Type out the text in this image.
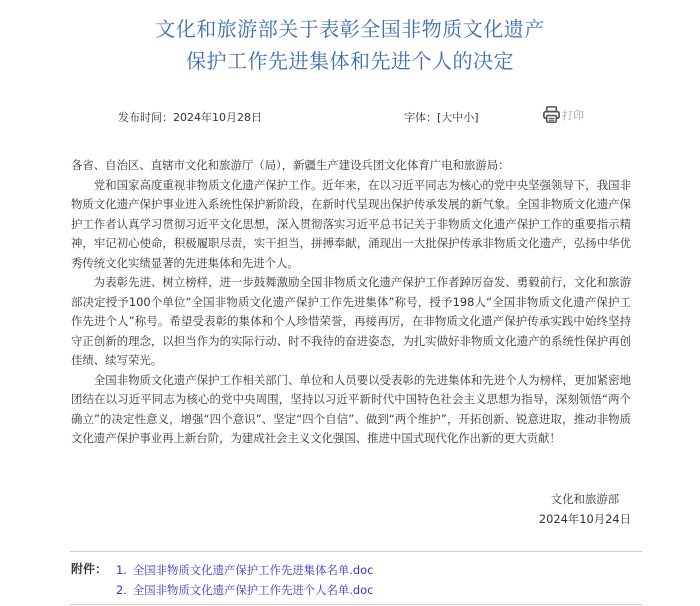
文化和旅游部关于表彰全国非物质文化遗产
保护工作先进集体和先进个人的决定
发布时间：2024年10月28日	字体：[大中小]	打印

各省、自治区、直辖市文化和旅游厅（局），新疆生产建设兵团文化体育广电和旅游局：

党和国家高度重视非物质文化遗产保护工作。近年来，在以习近平同志为核心的党中央坚强领导下，我国非物质文化遗产保护事业进入系统性保护新阶段，在新时代呈现出保护传承发展的新气象。全国非物质文化遗产保护工作者认真学习贯彻习近平文化思想，深入贯彻落实习近平总书记关于非物质文化遗产保护工作的重要指示精神，牢记初心使命，积极履职尽责，实干担当，拼搏奉献，涌现出一大批保护传承非物质文化遗产，弘扬中华优秀传统文化实绩显著的先进集体和先进个人。

为表彰先进、树立榜样，进一步鼓舞激励全国非物质文化遗产保护工作者踔厉奋发、勇毅前行，文化和旅游部决定授予100个单位“全国非物质文化遗产保护工作先进集体”称号，授予198人“全国非物质文化遗产保护工作先进个人”称号。希望受表彰的集体和个人珍惜荣誉，再接再厉，在非物质文化遗产保护传承实践中始终坚持守正创新的理念，以担当作为的实际行动、时不我待的奋进姿态，为扎实做好非物质文化遗产的系统性保护再创佳绩、续写荣光。

全国非物质文化遗产保护工作相关部门、单位和人员要以受表彰的先进集体和先进个人为榜样，更加紧密地团结在以习近平同志为核心的党中央周围，坚持以习近平新时代中国特色社会主义思想为指导，深刻领悟“两个确立”的决定性意义，增强“四个意识”、坚定“四个自信”、做到“两个维护”，开拓创新、锐意进取，推动非物质文化遗产保护事业再上新台阶，为建成社会主义文化强国、推进中国式现代化作出新的更大贡献！

文化和旅游部
2024年10月24日
附件： 1. 全国非物质文化遗产保护工作先进集体名单.doc
2. 全国非物质文化遗产保护工作先进个人名单.doc
